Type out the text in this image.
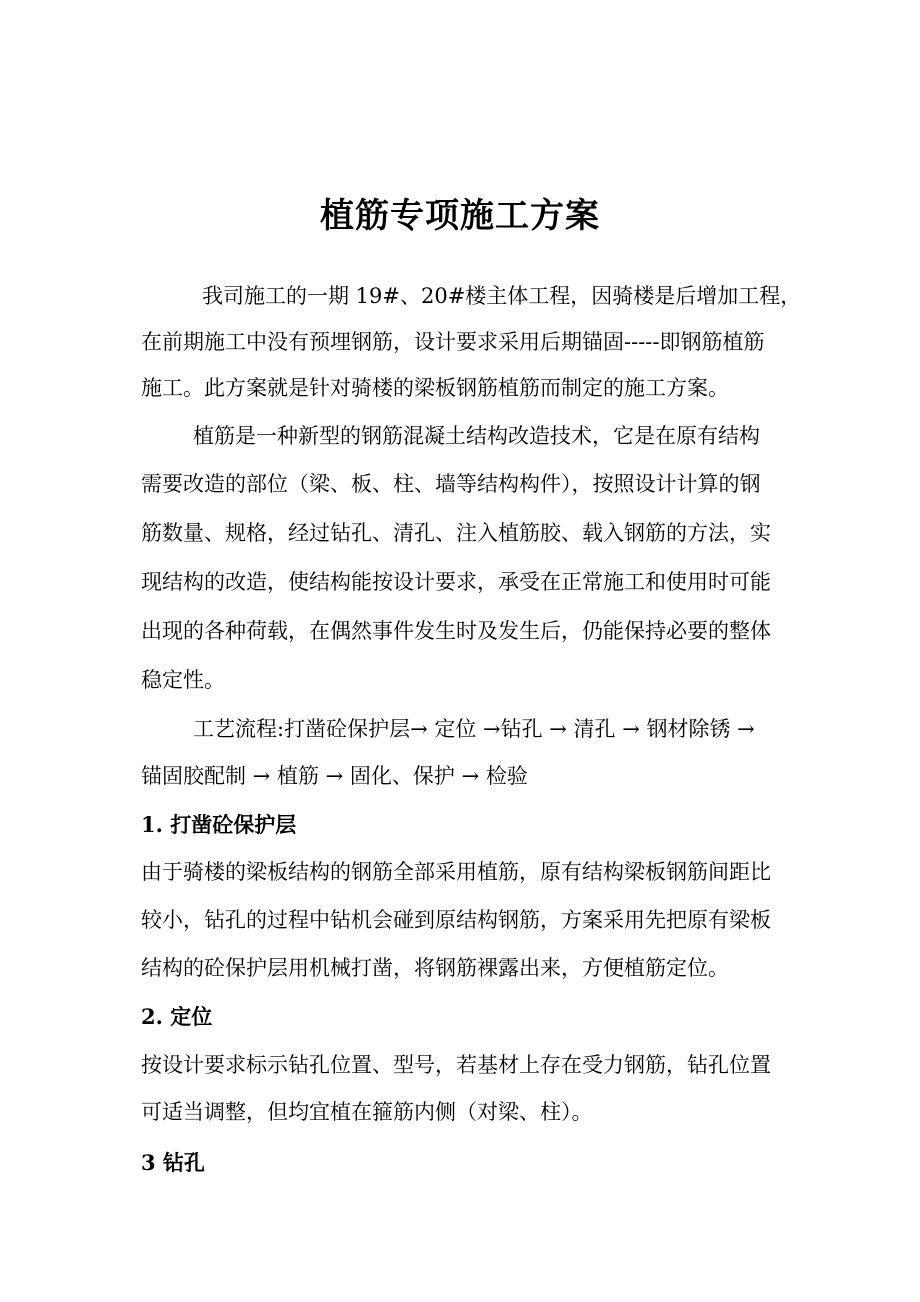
植筋专项施工方案

我司施工的一期 19#、20#楼主体工程，因骑楼是后增加工程，

在前期施工中没有预埋钢筋，设计要求采用后期锚固-----即钢筋植筋

施工。此方案就是针对骑楼的梁板钢筋植筋而制定的施工方案。

植筋是一种新型的钢筋混凝土结构改造技术，它是在原有结构

需要改造的部位（梁、板、柱、墙等结构构件），按照设计计算的钢

筋数量、规格，经过钻孔、清孔、注入植筋胶、载入钢筋的方法，实

现结构的改造，使结构能按设计要求，承受在正常施工和使用时可能

出现的各种荷载，在偶然事件发生时及发生后，仍能保持必要的整体

稳定性。

工艺流程:打凿砼保护层→ 定位 →钻孔 → 清孔 → 钢材除锈 →

锚固胶配制 → 植筋 → 固化、保护 → 检验

1. 打凿砼保护层

由于骑楼的梁板结构的钢筋全部采用植筋，原有结构梁板钢筋间距比

较小，钻孔的过程中钻机会碰到原结构钢筋，方案采用先把原有梁板

结构的砼保护层用机械打凿，将钢筋裸露出来，方便植筋定位。

2. 定位

按设计要求标示钻孔位置、型号，若基材上存在受力钢筋，钻孔位置

可适当调整，但均宜植在箍筋内侧（对梁、柱）。

3 钻孔
